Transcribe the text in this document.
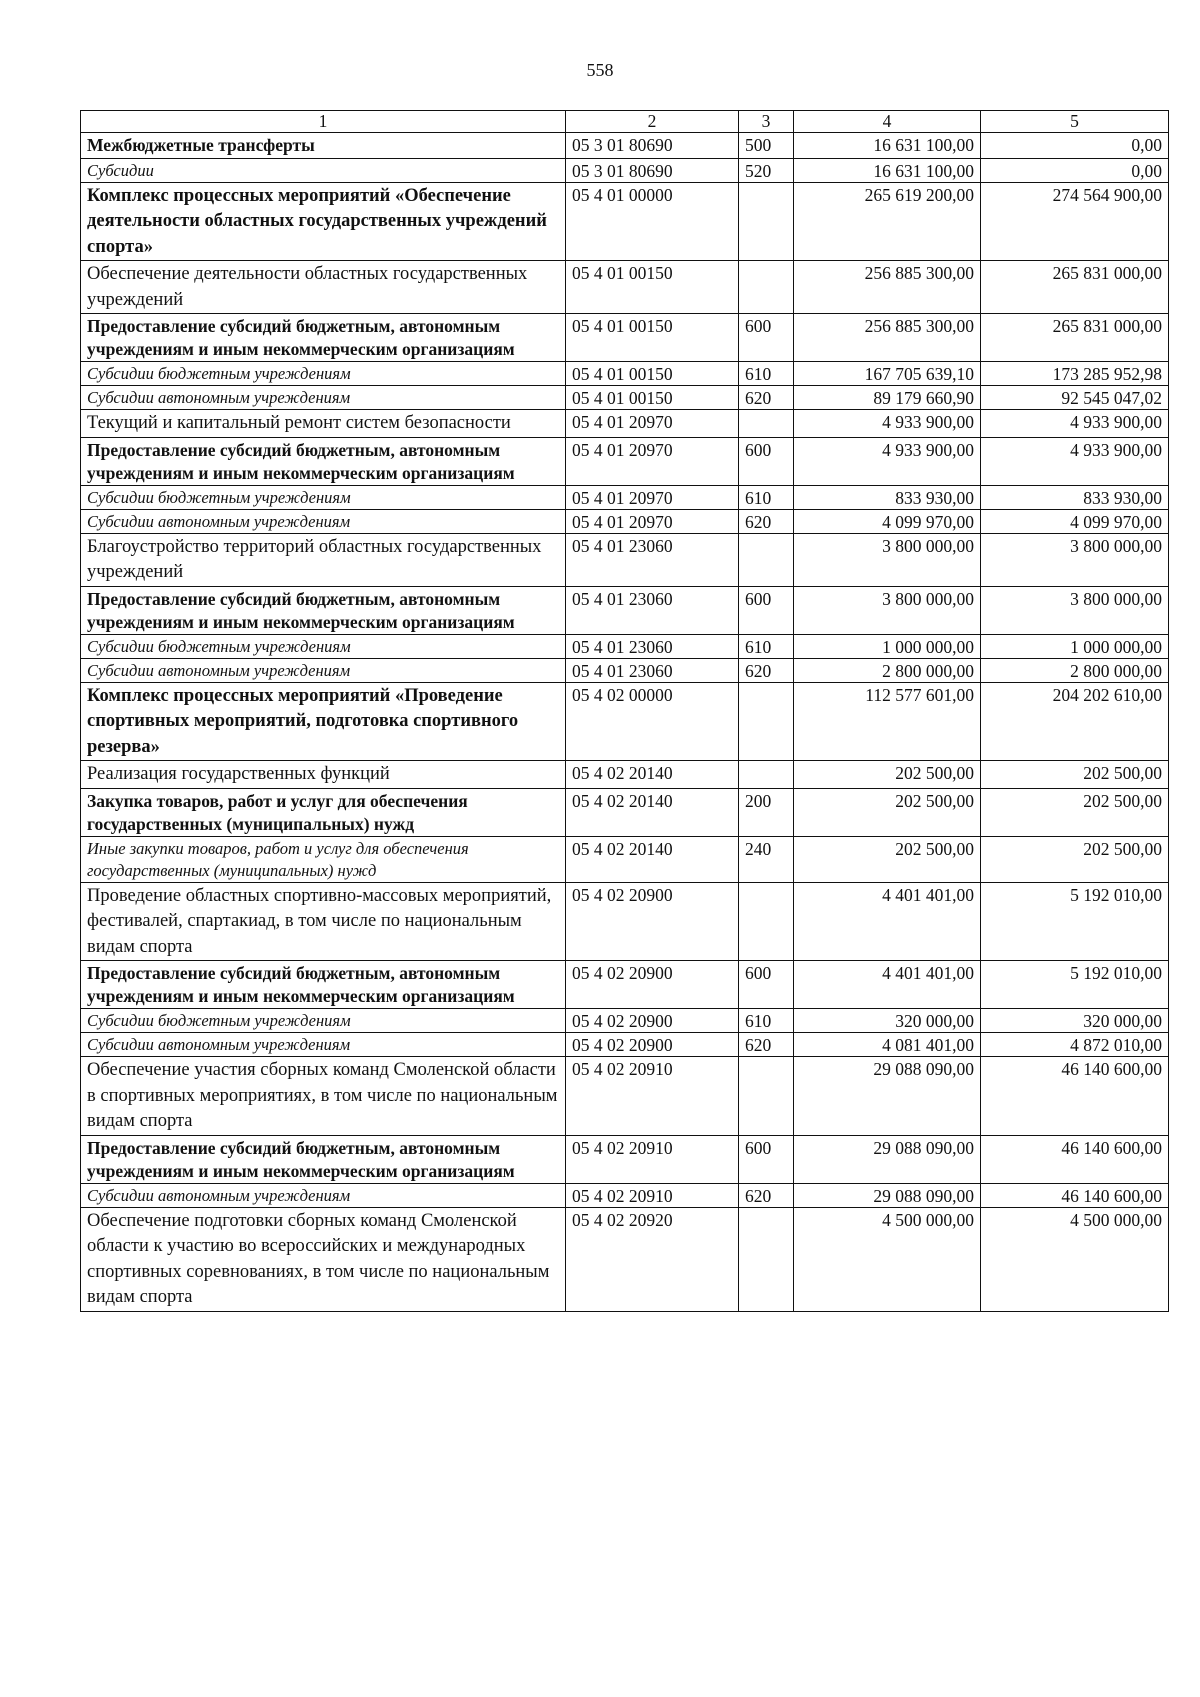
558
1	2	3	4	5
Межбюджетные трансферты	05 3 01 80690	500	16 631 100,00	0,00
Субсидии	05 3 01 80690	520	16 631 100,00	0,00
Комплекс процессных мероприятий «Обеспечение деятельности областных государственных учреждений спорта»	05 4 01 00000		265 619 200,00	274 564 900,00
Обеспечение деятельности областных государственных учреждений	05 4 01 00150		256 885 300,00	265 831 000,00
Предоставление субсидий бюджетным, автономным учреждениям и иным некоммерческим организациям	05 4 01 00150	600	256 885 300,00	265 831 000,00
Субсидии бюджетным учреждениям	05 4 01 00150	610	167 705 639,10	173 285 952,98
Субсидии автономным учреждениям	05 4 01 00150	620	89 179 660,90	92 545 047,02
Текущий и капитальный ремонт систем безопасности	05 4 01 20970		4 933 900,00	4 933 900,00
Предоставление субсидий бюджетным, автономным учреждениям и иным некоммерческим организациям	05 4 01 20970	600	4 933 900,00	4 933 900,00
Субсидии бюджетным учреждениям	05 4 01 20970	610	833 930,00	833 930,00
Субсидии автономным учреждениям	05 4 01 20970	620	4 099 970,00	4 099 970,00
Благоустройство территорий областных государственных учреждений	05 4 01 23060		3 800 000,00	3 800 000,00
Предоставление субсидий бюджетным, автономным учреждениям и иным некоммерческим организациям	05 4 01 23060	600	3 800 000,00	3 800 000,00
Субсидии бюджетным учреждениям	05 4 01 23060	610	1 000 000,00	1 000 000,00
Субсидии автономным учреждениям	05 4 01 23060	620	2 800 000,00	2 800 000,00
Комплекс процессных мероприятий «Проведение спортивных мероприятий, подготовка спортивного резерва»	05 4 02 00000		112 577 601,00	204 202 610,00
Реализация государственных функций	05 4 02 20140		202 500,00	202 500,00
Закупка товаров, работ и услуг для обеспечения государственных (муниципальных) нужд	05 4 02 20140	200	202 500,00	202 500,00
Иные закупки товаров, работ и услуг для обеспечения государственных (муниципальных) нужд	05 4 02 20140	240	202 500,00	202 500,00
Проведение областных спортивно-массовых мероприятий, фестивалей, спартакиад, в том числе по национальным видам спорта	05 4 02 20900		4 401 401,00	5 192 010,00
Предоставление субсидий бюджетным, автономным учреждениям и иным некоммерческим организациям	05 4 02 20900	600	4 401 401,00	5 192 010,00
Субсидии бюджетным учреждениям	05 4 02 20900	610	320 000,00	320 000,00
Субсидии автономным учреждениям	05 4 02 20900	620	4 081 401,00	4 872 010,00
Обеспечение участия сборных команд Смоленской области в спортивных мероприятиях, в том числе по национальным видам спорта	05 4 02 20910		29 088 090,00	46 140 600,00
Предоставление субсидий бюджетным, автономным учреждениям и иным некоммерческим организациям	05 4 02 20910	600	29 088 090,00	46 140 600,00
Субсидии автономным учреждениям	05 4 02 20910	620	29 088 090,00	46 140 600,00
Обеспечение подготовки сборных команд Смоленской области к участию во всероссийских и международных спортивных соревнованиях, в том числе по национальным видам спорта	05 4 02 20920		4 500 000,00	4 500 000,00
